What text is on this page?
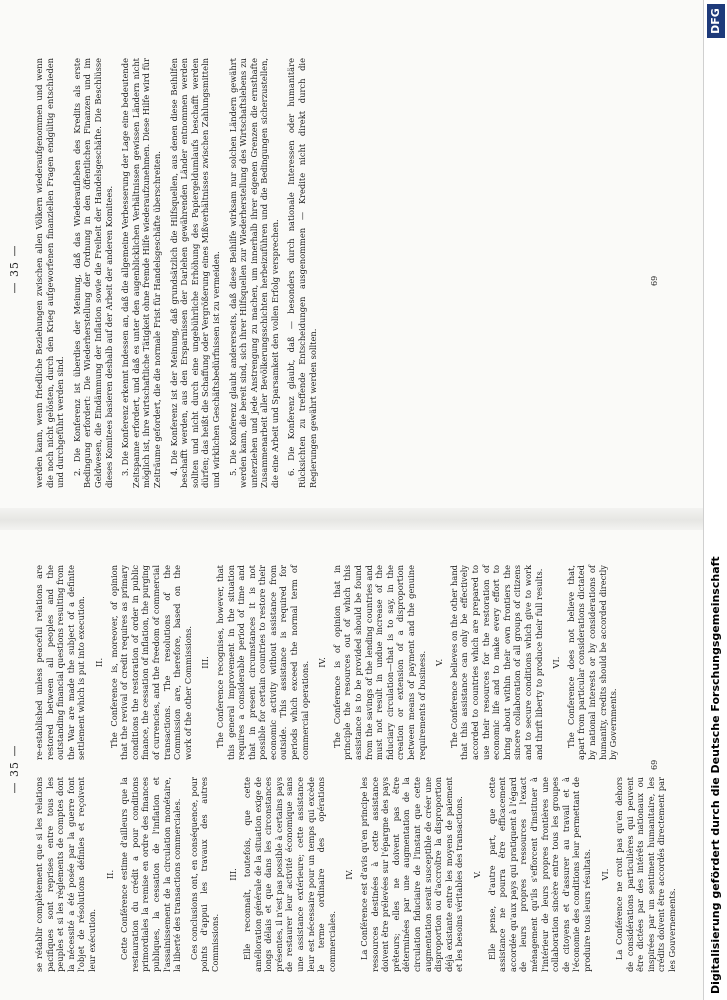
— 35 —

se rétablir complètement que si les relations pacifiques sont reprises entre tous les peuples et si les règlements de comptes dont la nécessité a été posée par la guerre font l'objet de résolutions définies et reçoivent leur exécution.

II. Cette Conférence estime d'ailleurs que la restauration du crédit a pour conditions primordiales la remise en ordre des finances publiques, la cessation de l'inflation et l'assainissement de la circulation monétaire, la liberté des transactions commerciales. Ces conclusions ont, en conséquence, pour points d'appui les travaux des autres Commissions.

III. Elle reconnaît, toutefois, que cette amélioration générale de la situation exige de longs délais et que dans les circonstances présentes, il n'est pas possible à certains pays de restaurer leur activité économique sans une assistance extérieure; cette assistance leur est nécessaire pour un temps qui excède le terme ordinaire des opérations commerciales.

IV. La Conférence est d'avis qu'en principe les ressources destinées à cette assistance doivent être prélevées sur l'épargne des pays prêteurs; elles ne doivent pas être déterminées par une augmentation de la circulation fiduciaire de l'instant que cette augmentation serait susceptible de créer une disproportion ou d'accroître la disproportion déjà existante entre les moyens de paiement et les besoins véritables des transactions. V. Elle pense, d'autre part, que cette assistance ne pourra être efficacement accordée qu'aux pays qui pratiquent à l'égard de leurs propres ressources l'exact ménagement qu'ils s'efforcent d'instituer à l'intérieur de leurs propres frontières une collaboration sincère entre tous les groupes de citoyens et d'assurer au travail et à l'économie des conditions leur permettant de produire tous leurs résultats. VI. La Conférence ne croit pas qu'en dehors de considérations particulières qui peuvent être dictées par des intérêts nationaux ou inspirées par un sentiment humanitaire, les crédits doivent être accordés directement par les Gouvernements.

re-established unless peaceful relations are restored between all peoples and the outstanding financial questions resulting from the War are made the subject of a definite settlement which is put into execution. II. The Conference is, moreover, of opinion that the revival of credit requires as primary conditions the restoration of order in public finance, the cessation of inflation, the purging of currencies, and the freedom of commercial transactions. The resolutions of the Commission are, therefore, based on the work of the other Commissions. III. The Conference recognises, however, that this general improvement in the situation requires a considerable period of time and that in present circumstances it is not possible for certain countries to restore their economic activity without assistance from outside. This assistance is required for periods which exceed the normal term of commercial operations. IV. The Conference is of opinion that in principle the resources out of which this assistance is to be provided should be found from the savings of the lending countries and must not result in undue increase of the fiduciary circulation—that is to say, in the creation or extension of a disproportion between means of payment and the genuine requirements of business. V. The Conference believes on the other hand that this assistance can only be effectively accorded to countries which are prepared to use their resources for the restoration of economic life and to make every effort to bring about within their own frontiers the sincere collaboration of all groups of citizens and to secure conditions which give to work and thrift liberty to produce their full results. VI. The Conference does not believe that, apart from particular considerations dictated by national interests or by considerations of humanity, credits should be accorded directly by Governments.

69
— 35 — werden kann, wenn friedliche Beziehungen zwischen allen Völkern wiederaufgenommen und wenn die noch nicht gelösten, durch den Krieg aufgeworfenen finanziellen Fragen endgültig entschieden und durchgeführt werden sind. 2. Die Konferenz ist überdies der Meinung, daß das Wiederaufleben des Kredits als erste Bedingung erfordert: Die Wiederherstellung der Ordnung in den öffentlichen Finanzen und im Geldwesen, die Eindämmung der Inflation sowie die Freiheit der Handelsgeschäfte. Die Beschlüsse dieses Komitees basieren deshalb auf der Arbeit der anderen Komitees. 3. Die Konferenz erkennt indessen an, daß die allgemeine Verbesserung der Lage eine bedeutende Zeitspanne erfordert, und daß es unter den augenblicklichen Verhältnissen gewissen Ländern nicht möglich ist, ihre wirtschaftliche Tätigkeit ohne fremde Hilfe wiederaufzunehmen. Diese Hilfe wird für Zeiträume gefordert, die die normale Frist für Handelsgeschäfte überschreiten. 4. Die Konferenz ist der Meinung, daß grundsätzlich die Hilfsquellen, aus denen diese Beihilfen beschafft werden, aus den Ersparnissen der Darlehen gewährenden Länder entnommen werden sollten und nicht durch eine ungebührliche Erhöhung des Papiergeldumlaufs beschafft werden dürfen; das heißt die Schaffung oder Vergrößerung eines Mißverhältnisses zwischen Zahlungsmitteln und wirklichen Geschäftsbedürfnissen ist zu vermeiden. 5. Die Konferenz glaubt andererseits, daß diese Beihilfe wirksam nur solchen Ländern gewährt werden kann, die bereit sind, sich ihrer Hilfsquellen zur Wiederherstellung des Wirtschaftslebens zu unterziehen und jede Anstrengung zu machen, um innerhalb ihrer eigenen Grenzen die ernsthafte Zusammenarbeit aller Bevölkerungsschichten herbeizuführen und die Bedingungen sicherzustellen, die eine Arbeit und Sparsamkeit den vollen Erfolg versprechen. 6. Die Konferenz glaubt, daß — besonders durch nationale Interessen oder humanitäre Rücksichten zu treffende Entscheidungen ausgenommen — Kredite nicht direkt durch die Regierungen gewährt werden sollten.

69
Digitalisierung gefördert durch die Deutsche Forschungsgemeinschaft
DFG
